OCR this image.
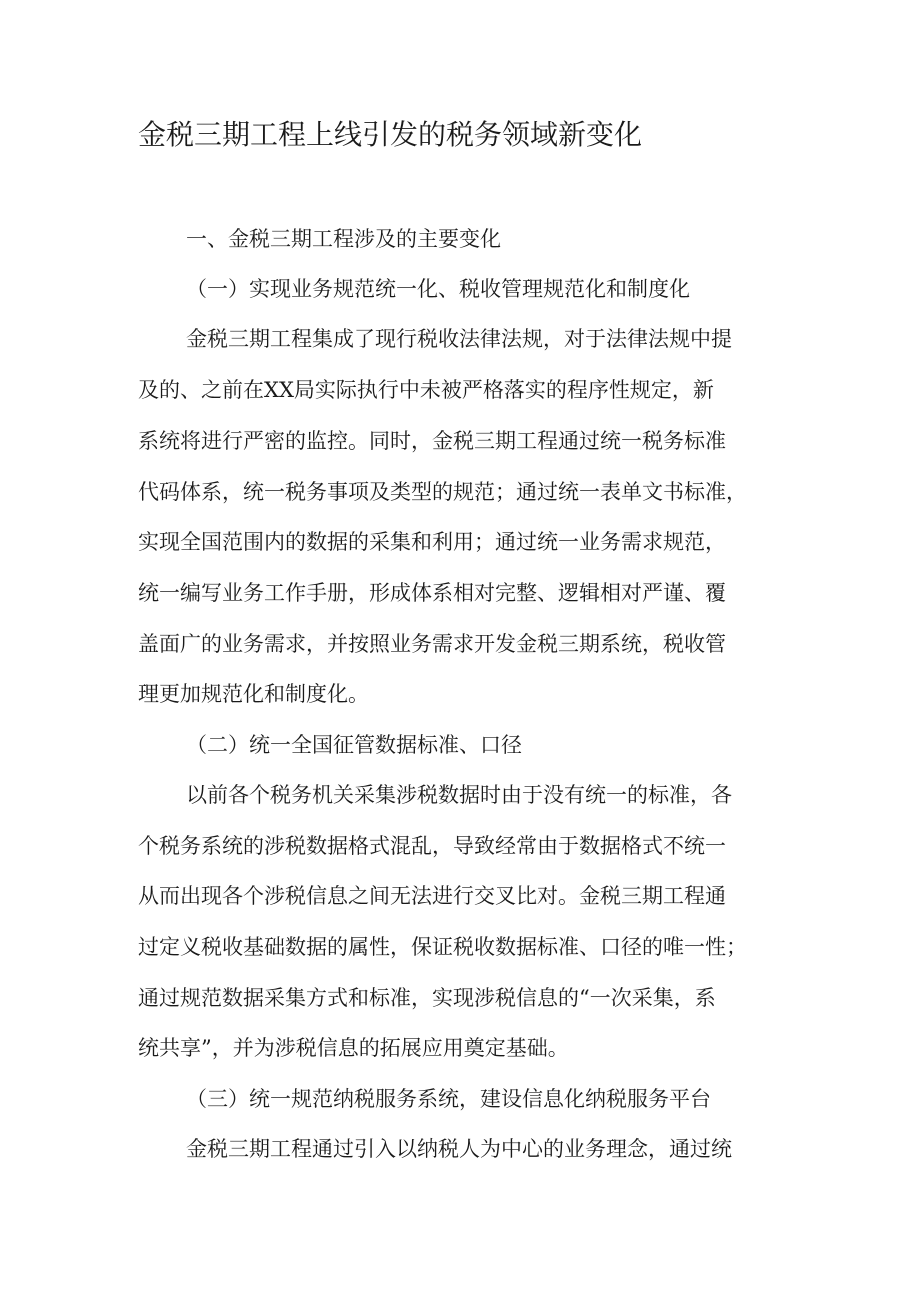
金税三期工程上线引发的税务领域新变化
一、金税三期工程涉及的主要变化
（一）实现业务规范统一化、税收管理规范化和制度化
金税三期工程集成了现行税收法律法规，对于法律法规中提
及的、之前在XX局实际执行中未被严格落实的程序性规定，新
系统将进行严密的监控。同时，金税三期工程通过统一税务标准
代码体系，统一税务事项及类型的规范；通过统一表单文书标准，
实现全国范围内的数据的采集和利用；通过统一业务需求规范，
统一编写业务工作手册，形成体系相对完整、逻辑相对严谨、覆
盖面广的业务需求，并按照业务需求开发金税三期系统，税收管
理更加规范化和制度化。
（二）统一全国征管数据标准、口径
以前各个税务机关采集涉税数据时由于没有统一的标准，各
个税务系统的涉税数据格式混乱，导致经常由于数据格式不统一
从而出现各个涉税信息之间无法进行交叉比对。金税三期工程通
过定义税收基础数据的属性，保证税收数据标准、口径的唯一性；
通过规范数据采集方式和标准，实现涉税信息的“一次采集，系
统共享”，并为涉税信息的拓展应用奠定基础。
（三）统一规范纳税服务系统，建设信息化纳税服务平台
金税三期工程通过引入以纳税人为中心的业务理念，通过统
